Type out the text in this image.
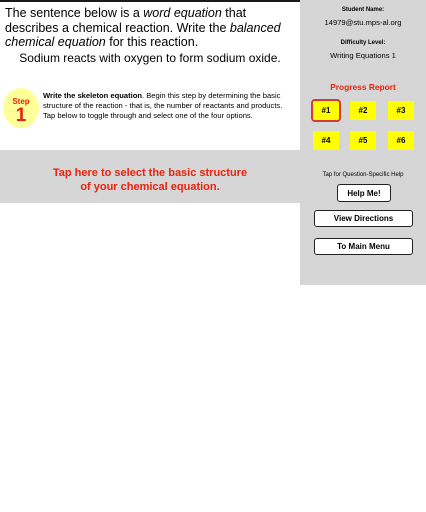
The sentence below is a word equation that describes a chemical reaction. Write the balanced chemical equation for this reaction.

Sodium reacts with oxygen to form sodium oxide.
Step
1

Write the skeleton equation. Begin this step by determining the basic structure of the reaction - that is, the number of reactants and products. Tap below to toggle through and select one of the four options.

Tap here to select the basic structure
of your chemical equation.
Student Name:
14979@stu.mps-al.org
Difficulty Level:
Writing Equations 1
Progress Report
#1	#2	#3
#4	#5	#6
Tap for Question-Specific Help
Help Me!
View Directions
To Main Menu
